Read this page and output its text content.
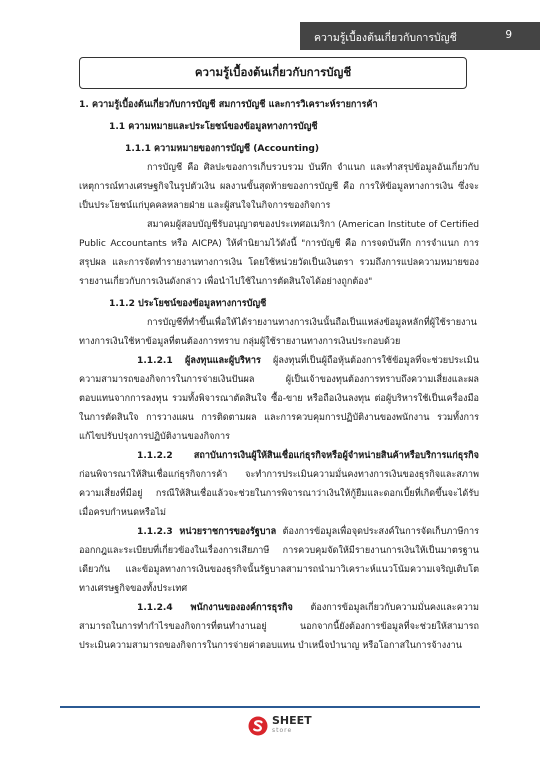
ความรู้เบื้องต้นเกี่ยวกับการบัญชี	9
ความรู้เบื้องต้นเกี่ยวกับการบัญชี

1. ความรู้เบื้องต้นเกี่ยวกับการบัญชี สมการบัญชี และการวิเคราะห์รายการค้า

1.1 ความหมายและประโยชน์ของข้อมูลทางการบัญชี

1.1.1 ความหมายของการบัญชี (Accounting)

การบัญชี คือ ศิลปะของการเก็บรวบรวม บันทึก จำแนก และทำสรุปข้อมูลอันเกี่ยวกับเหตุการณ์ทางเศรษฐกิจในรูปตัวเงิน ผลงานขั้นสุดท้ายของการบัญชี คือ การให้ข้อมูลทางการเงิน ซึ่งจะเป็นประโยชน์แก่บุคคลหลายฝ่าย และผู้สนใจในกิจการของกิจการ

สมาคมผู้สอบบัญชีรับอนุญาตของประเทศอเมริกา (American Institute of Certified Public Accountants หรือ AICPA) ให้คำนิยามไว้ดังนี้ "การบัญชี คือ การจดบันทึก การจำแนก การสรุปผล และการจัดทำรายงานทางการเงิน โดยใช้หน่วยวัดเป็นเงินตรา รวมถึงการแปลความหมายของรายงานเกี่ยวกับการเงินดังกล่าว เพื่อนำไปใช้ในการตัดสินใจได้อย่างถูกต้อง"

1.1.2 ประโยชน์ของข้อมูลทางการบัญชี

การบัญชีที่ทำขึ้นเพื่อให้ได้รายงานทางการเงินนั้นถือเป็นแหล่งข้อมูลหลักที่ผู้ใช้รายงานทางการเงินใช้หาข้อมูลที่ตนต้องการทราบ กลุ่มผู้ใช้รายงานทางการเงินประกอบด้วย

1.1.2.1 ผู้ลงทุนและผู้บริหาร ผู้ลงทุนที่เป็นผู้ถือหุ้นต้องการใช้ข้อมูลที่จะช่วยประเมินความสามารถของกิจการในการจ่ายเงินปันผล ผู้เป็นเจ้าของทุนต้องการทราบถึงความเสี่ยงและผลตอบแทนจากการลงทุน รวมทั้งพิจารณาตัดสินใจ ซื้อ-ขาย หรือถือเงินลงทุน ต่อผู้บริหารใช้เป็นเครื่องมือในการตัดสินใจ การวางแผน การติดตามผล และการควบคุมการปฏิบัติงานของพนักงาน รวมทั้งการแก้ไขปรับปรุงการปฏิบัติงานของกิจการ

1.1.2.2 สถาบันการเงินผู้ให้สินเชื่อแก่ธุรกิจหรือผู้จำหน่ายสินค้าหรือบริการแก่ธุรกิจ ก่อนพิจารณาให้สินเชื่อแก่ธุรกิจการค้า จะทำการประเมินความมั่นคงทางการเงินของธุรกิจและสภาพความเสี่ยงที่มีอยู่ กรณีให้สินเชื่อแล้วจะช่วยในการพิจารณาว่าเงินให้กู้ยืมและดอกเบี้ยที่เกิดขึ้นจะได้รับเมื่อครบกำหนดหรือไม่

1.1.2.3 หน่วยราชการของรัฐบาล ต้องการข้อมูลเพื่อจุดประสงค์ในการจัดเก็บภาษีการออกกฎและระเบียบที่เกี่ยวข้องในเรื่องการเสียภาษี การควบคุมจัดให้มีรายงานการเงินให้เป็นมาตรฐานเดียวกัน และข้อมูลทางการเงินของธุรกิจนั้นรัฐบาลสามารถนำมาวิเคราะห์แนวโน้มความเจริญเติบโตทางเศรษฐกิจของทั้งประเทศ

1.1.2.4 พนักงานขององค์การธุรกิจ ต้องการข้อมูลเกี่ยวกับความมั่นคงและความสามารถในการทำกำไรของกิจการที่ตนทำงานอยู่ นอกจากนี้ยังต้องการข้อมูลที่จะช่วยให้สามารถประเมินความสามารถของกิจการในการจ่ายค่าตอบแทน บำเหน็จบำนาญ หรือโอกาสในการจ้างงาน

SHEET
store
